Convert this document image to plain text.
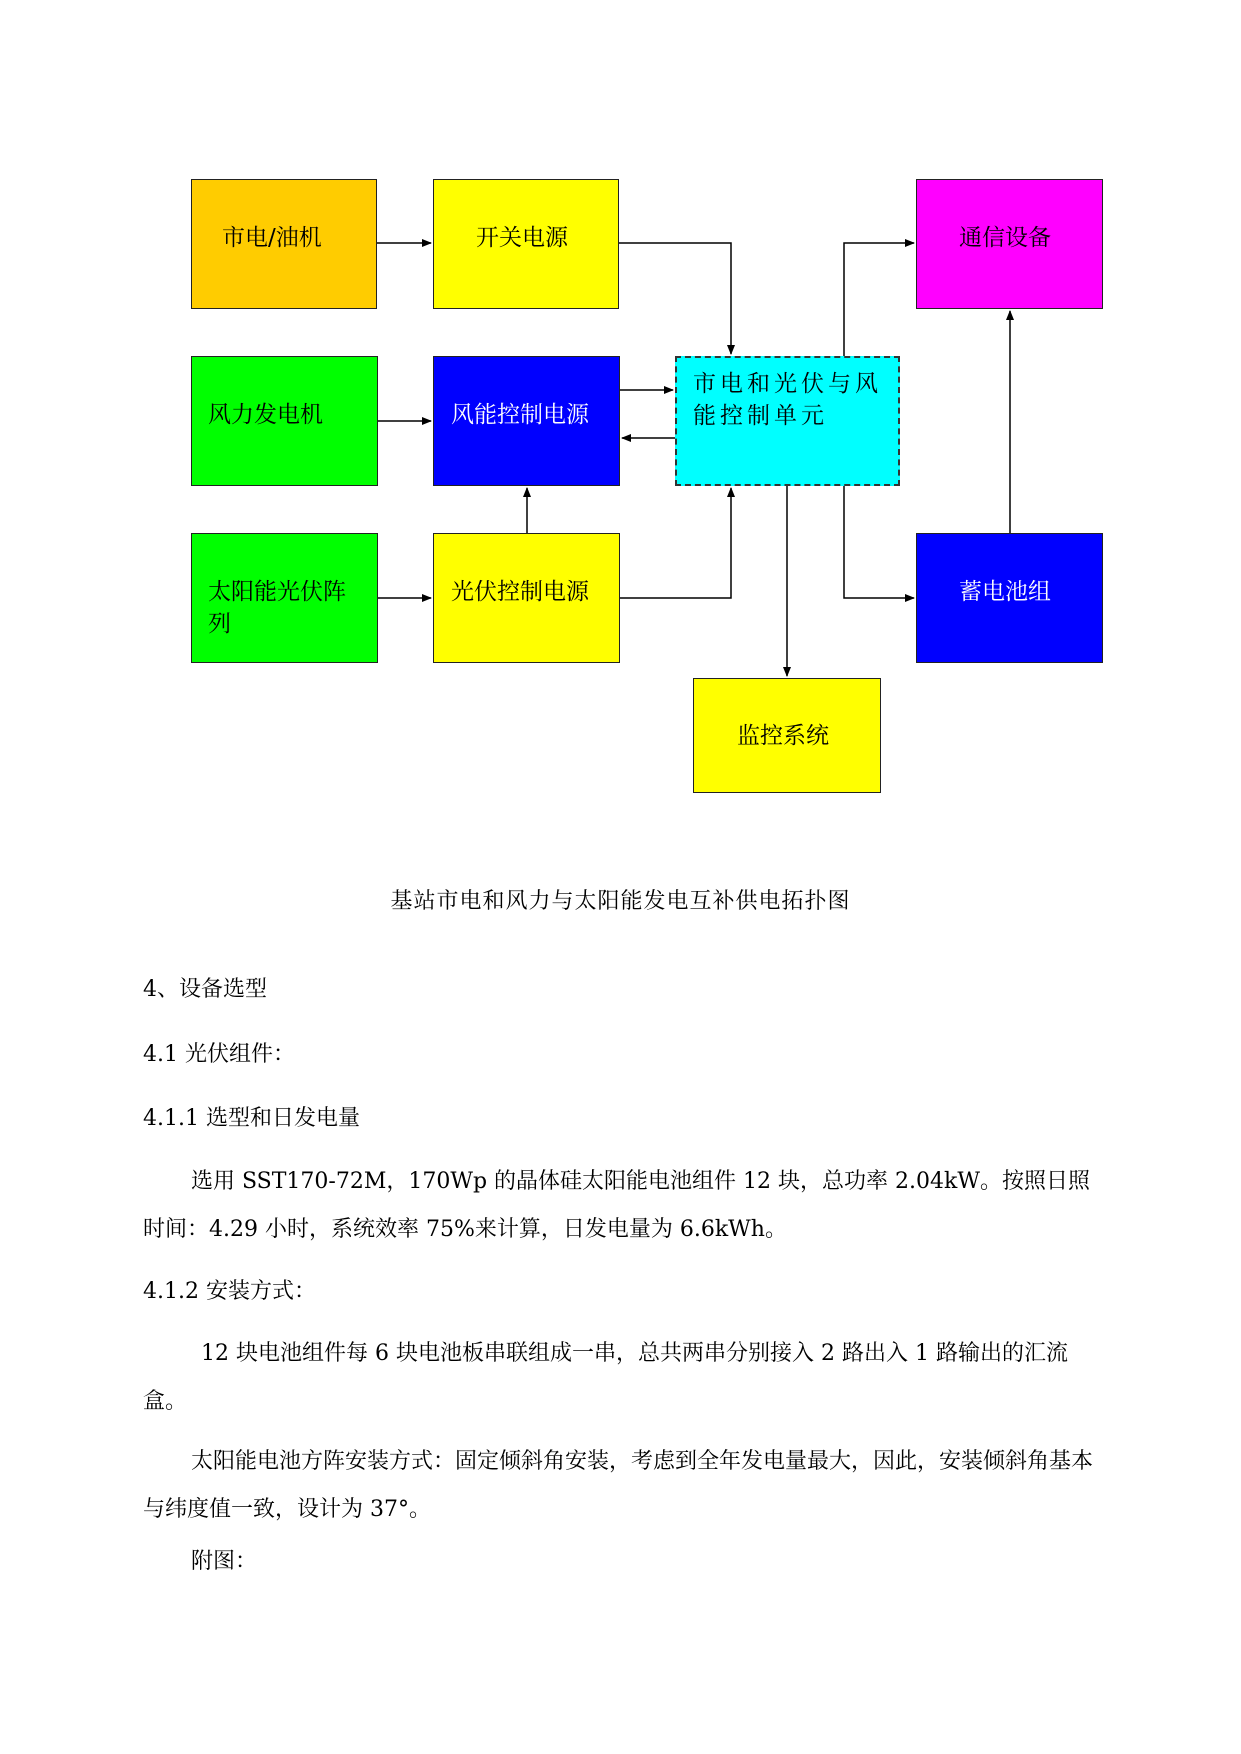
市电/油机	开关电源	通信设备
风力发电机	风能控制电源
市电和光伏与风能控制单元
太阳能光伏阵列
光伏控制电源	蓄电池组
监控系统
基站市电和风力与太阳能发电互补供电拓扑图
4、设备选型
4.1 光伏组件：
4.1.1 选型和日发电量
选用 SST170-72M，170Wp 的晶体硅太阳能电池组件 12 块，总功率 2.04kW。按照日照时间：4.29 小时，系统效率 75%来计算，日发电量为 6.6kWh。
4.1.2 安装方式：
12 块电池组件每 6 块电池板串联组成一串，总共两串分别接入 2 路出入 1 路输出的汇流盒。
太阳能电池方阵安装方式：固定倾斜角安装，考虑到全年发电量最大，因此，安装倾斜角基本与纬度值一致，设计为 37°。
附图：
